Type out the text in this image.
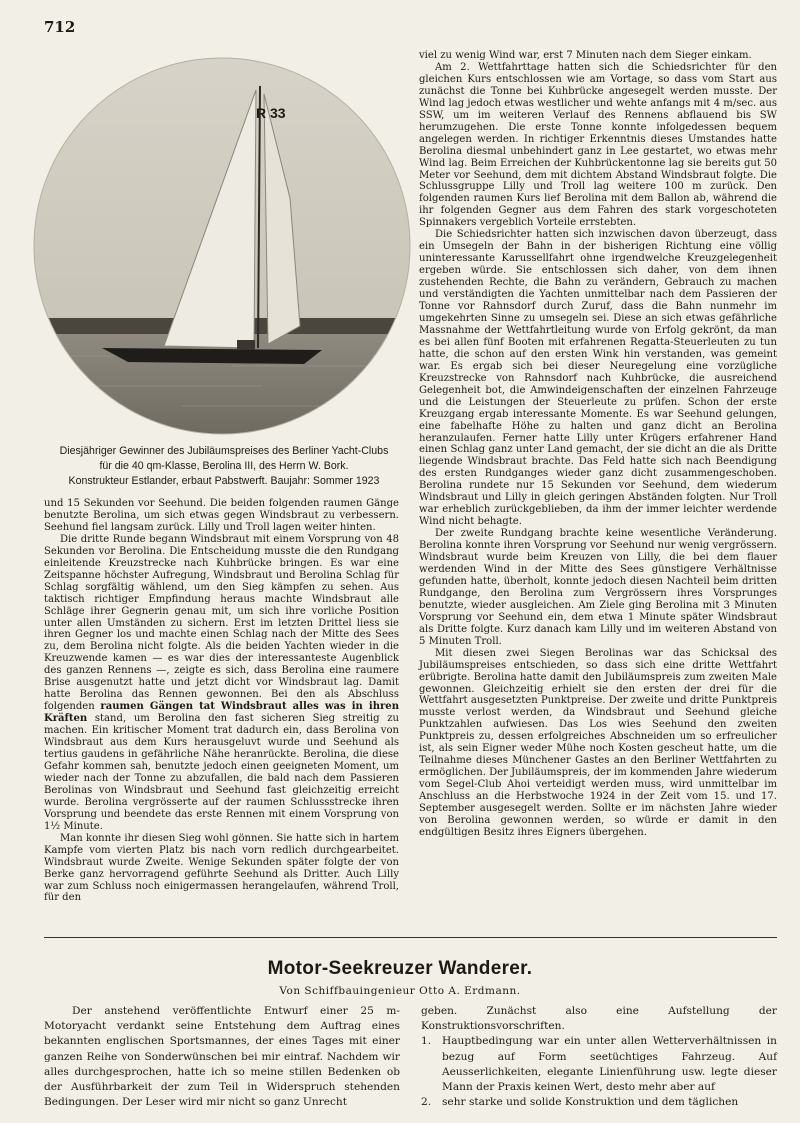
712
R 33
Diesjähriger Gewinner des Jubiläumspreises des Berliner Yacht-Clubs
für die 40 qm-Klasse, Berolina III, des Herrn W. Bork.
Konstrukteur Estlander, erbaut Pabstwerft. Baujahr: Sommer 1923

und 15 Sekunden vor Seehund. Die beiden folgenden raumen Gänge benutzte Berolina, um sich etwas gegen Windsbraut zu verbessern. Seehund fiel langsam zurück. Lilly und Troll lagen weiter hinten.

Die dritte Runde begann Windsbraut mit einem Vorsprung von 48 Sekunden vor Berolina. Die Entscheidung musste die den Rundgang einleitende Kreuzstrecke nach Kuhbrücke bringen. Es war eine Zeitspanne höchster Aufregung, Windsbraut und Berolina Schlag für Schlag sorgfältig wählend, um den Sieg kämpfen zu sehen. Aus taktisch richtiger Empfindung heraus machte Windsbraut alle Schläge ihrer Gegnerin genau mit, um sich ihre vorliche Position unter allen Umständen zu sichern. Erst im letzten Drittel liess sie ihren Gegner los und machte einen Schlag nach der Mitte des Sees zu, dem Berolina nicht folgte. Als die beiden Yachten wieder in die Kreuzwende kamen — es war dies der interessanteste Augenblick des ganzen Rennens —, zeigte es sich, dass Berolina eine raumere Brise ausgenutzt hatte und jetzt dicht vor Windsbraut lag. Damit hatte Berolina das Rennen gewonnen. Bei den als Abschluss folgenden raumen Gängen tat Windsbraut alles was in ihren Kräften stand, um Berolina den fast sicheren Sieg streitig zu machen. Ein kritischer Moment trat dadurch ein, dass Berolina von Windsbraut aus dem Kurs herausgeluvt wurde und Seehund als tertius gaudens in gefährliche Nähe heranrückte. Berolina, die diese Gefahr kommen sah, benutzte jedoch einen geeigneten Moment, um wieder nach der Tonne zu abzufallen, die bald nach dem Passieren Berolinas von Windsbraut und Seehund fast gleichzeitig erreicht wurde. Berolina vergrösserte auf der raumen Schlussstrecke ihren Vorsprung und beendete das erste Rennen mit einem Vorsprung von 1½ Minute.

Man konnte ihr diesen Sieg wohl gönnen. Sie hatte sich in hartem Kampfe vom vierten Platz bis nach vorn redlich durchgearbeitet. Windsbraut wurde Zweite. Wenige Sekunden später folgte der von Berke ganz hervorragend geführte Seehund als Dritter. Auch Lilly war zum Schluss noch einigermassen herangelaufen, während Troll, für den

viel zu wenig Wind war, erst 7 Minuten nach dem Sieger einkam.

Am 2. Wettfahrttage hatten sich die Schiedsrichter für den gleichen Kurs entschlossen wie am Vortage, so dass vom Start aus zunächst die Tonne bei Kuhbrücke angesegelt werden musste. Der Wind lag jedoch etwas westlicher und wehte anfangs mit 4 m/sec. aus SSW, um im weiteren Verlauf des Rennens abflauend bis SW herumzugehen. Die erste Tonne konnte infolgedessen bequem angelegen werden. In richtiger Erkenntnis dieses Umstandes hatte Berolina diesmal unbehindert ganz in Lee gestartet, wo etwas mehr Wind lag. Beim Erreichen der Kuhbrückentonne lag sie bereits gut 50 Meter vor Seehund, dem mit dichtem Abstand Windsbraut folgte. Die Schlussgruppe Lilly und Troll lag weitere 100 m zurück. Den folgenden raumen Kurs lief Berolina mit dem Ballon ab, während die ihr folgenden Gegner aus dem Fahren des stark vorgeschoteten Spinnakers vergeblich Vorteile errstebten.

Die Schiedsrichter hatten sich inzwischen davon überzeugt, dass ein Umsegeln der Bahn in der bisherigen Richtung eine völlig uninteressante Karussellfahrt ohne irgendwelche Kreuzgelegenheit ergeben würde. Sie entschlossen sich daher, von dem ihnen zustehenden Rechte, die Bahn zu verändern, Gebrauch zu machen und verständigten die Yachten unmittelbar nach dem Passieren der Tonne vor Rahnsdorf durch Zuruf, dass die Bahn nunmehr im umgekehrten Sinne zu umsegeln sei. Diese an sich etwas gefährliche Massnahme der Wettfahrtleitung wurde von Erfolg gekrönt, da man es bei allen fünf Booten mit erfahrenen Regatta-Steuerleuten zu tun hatte, die schon auf den ersten Wink hin verstanden, was gemeint war. Es ergab sich bei dieser Neuregelung eine vorzügliche Kreuzstrecke von Rahnsdorf nach Kuhbrücke, die ausreichend Gelegenheit bot, die Amwindeigenschaften der einzelnen Fahrzeuge und die Leistungen der Steuerleute zu prüfen. Schon der erste Kreuzgang ergab interessante Momente. Es war Seehund gelungen, eine fabelhafte Höhe zu halten und ganz dicht an Berolina heranzulaufen. Ferner hatte Lilly unter Krügers erfahrener Hand einen Schlag ganz unter Land gemacht, der sie dicht an die als Dritte liegende Windsbraut brachte. Das Feld hatte sich nach Beendigung des ersten Rundganges wieder ganz dicht zusammengeschoben. Berolina rundete nur 15 Sekunden vor Seehund, dem wiederum Windsbraut und Lilly in gleich geringen Abständen folgten. Nur Troll war erheblich zurückgeblieben, da ihm der immer leichter werdende Wind nicht behagte.

Der zweite Rundgang brachte keine wesentliche Veränderung. Berolina konnte ihren Vorsprung vor Seehund nur wenig vergrössern. Windsbraut wurde beim Kreuzen von Lilly, die bei dem flauer werdenden Wind in der Mitte des Sees günstigere Verhältnisse gefunden hatte, überholt, konnte jedoch diesen Nachteil beim dritten Rundgange, den Berolina zum Vergrössern ihres Vorsprunges benutzte, wieder ausgleichen. Am Ziele ging Berolina mit 3 Minuten Vorsprung vor Seehund ein, dem etwa 1 Minute später Windsbraut als Dritte folgte. Kurz danach kam Lilly und im weiteren Abstand von 5 Minuten Troll.

Mit diesen zwei Siegen Berolinas war das Schicksal des Jubiläumspreises entschieden, so dass sich eine dritte Wettfahrt erübrigte. Berolina hatte damit den Jubiläumspreis zum zweiten Male gewonnen. Gleichzeitig erhielt sie den ersten der drei für die Wettfahrt ausgesetzten Punktpreise. Der zweite und dritte Punktpreis musste verlost werden, da Windsbraut und Seehund gleiche Punktzahlen aufwiesen. Das Los wies Seehund den zweiten Punktpreis zu, dessen erfolgreiches Abschneiden um so erfreulicher ist, als sein Eigner weder Mühe noch Kosten gescheut hatte, um die Teilnahme dieses Münchener Gastes an den Berliner Wettfahrten zu ermöglichen. Der Jubiläumspreis, der im kommenden Jahre wiederum vom Segel-Club Ahoi verteidigt werden muss, wird unmittelbar im Anschluss an die Herbstwoche 1924 in der Zeit vom 15. und 17. September ausgesegelt werden. Sollte er im nächsten Jahre wieder von Berolina gewonnen werden, so würde er damit in den endgültigen Besitz ihres Eigners übergehen.

Motor-Seekreuzer Wanderer.
Von Schiffbauingenieur Otto A. Erdmann.

Der anstehend veröffentlichte Entwurf einer 25 m-Motoryacht verdankt seine Entstehung dem Auftrag eines bekannten englischen Sportsmannes, der eines Tages mit einer ganzen Reihe von Sonderwünschen bei mir eintraf. Nachdem wir alles durchgesprochen, hatte ich so meine stillen Bedenken ob der Ausführbarkeit der zum Teil in Widerspruch stehenden Bedingungen. Der Leser wird mir nicht so ganz Unrecht

geben. Zunächst also eine Aufstellung der Konstruktionsvorschriften.

1. Hauptbedingung war ein unter allen Wetterverhältnissen in bezug auf Form seetüchtiges Fahrzeug. Auf Aeusserlichkeiten, elegante Linienführung usw. legte dieser Mann der Praxis keinen Wert, desto mehr aber auf
2. sehr starke und solide Konstruktion und dem täglichen
